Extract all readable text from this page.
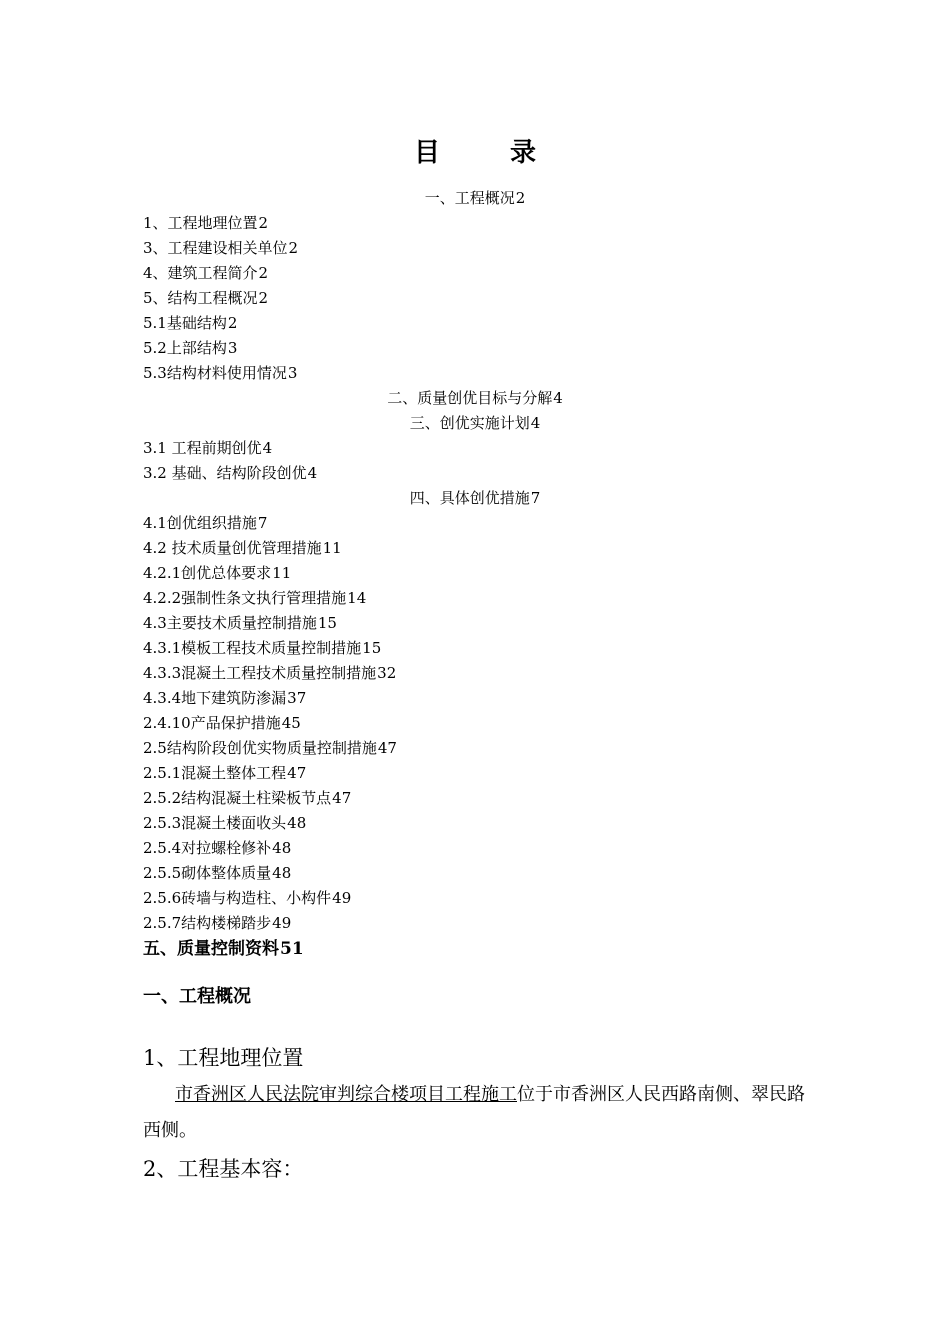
目	录
一、工程概况2
1、工程地理位置2
3、工程建设相关单位2
4、建筑工程简介2
5、结构工程概况2
5.1基础结构2
5.2上部结构3
5.3结构材料使用情况3
二、质量创优目标与分解4
三、创优实施计划4
3.1 工程前期创优4
3.2 基础、结构阶段创优4
四、具体创优措施7
4.1创优组织措施7
4.2 技术质量创优管理措施11
4.2.1创优总体要求11
4.2.2强制性条文执行管理措施14
4.3主要技术质量控制措施15
4.3.1模板工程技术质量控制措施15
4.3.3混凝土工程技术质量控制措施32
4.3.4地下建筑防渗漏37
2.4.10产品保护措施45
2.5结构阶段创优实物质量控制措施47
2.5.1混凝土整体工程47
2.5.2结构混凝土柱梁板节点47
2.5.3混凝土楼面收头48
2.5.4对拉螺栓修补48
2.5.5砌体整体质量48
2.5.6砖墙与构造柱、小构件49
2.5.7结构楼梯踏步49
五、质量控制资料51
一、工程概况
1、工程地理位置
市香洲区人民法院审判综合楼项目工程施工位于市香洲区人民西路南侧、翠民路西侧。
2、工程基本容：
